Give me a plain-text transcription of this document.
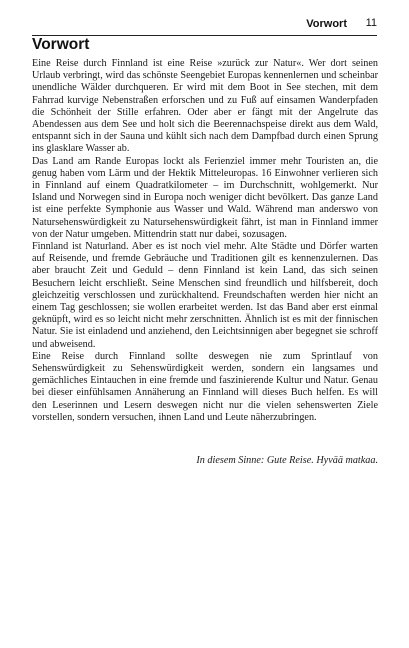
Vorwort 11
Vorwort

Eine Reise durch Finnland ist eine Reise »zurück zur Natur«. Wer dort seinen Urlaub verbringt, wird das schönste Seengebiet Europas kennenlernen und scheinbar unendliche Wälder durchqueren. Er wird mit dem Boot in See stechen, mit dem Fahrrad kurvige Nebenstraßen erforschen und zu Fuß auf einsamen Wanderpfaden die Schönheit der Stille erfahren. Oder aber er fängt mit der Angelrute das Abendessen aus dem See und holt sich die Beerennachspeise direkt aus dem Wald, entspannt sich in der Sauna und kühlt sich nach dem Dampfbad durch einen Sprung ins glasklare Wasser ab.

Das Land am Rande Europas lockt als Ferienziel immer mehr Touristen an, die genug haben vom Lärm und der Hektik Mitteleuropas. 16 Einwohner verlieren sich in Finnland auf einem Quadratkilometer – im Durchschnitt, wohlgemerkt. Nur Island und Norwegen sind in Europa noch weniger dicht bevölkert. Das ganze Land ist eine perfekte Symphonie aus Wasser und Wald. Während man anderswo von Natursehenswürdigkeit zu Natursehenswürdigkeit fährt, ist man in Finnland immer von der Natur umgeben. Mittendrin statt nur dabei, sozusagen.

Finnland ist Naturland. Aber es ist noch viel mehr. Alte Städte und Dörfer warten auf Reisende, und fremde Gebräuche und Traditionen gilt es kennenzulernen. Das aber braucht Zeit und Geduld – denn Finnland ist kein Land, das sich seinen Besuchern leicht erschließt. Seine Menschen sind freundlich und hilfsbereit, doch gleichzeitig verschlossen und zurückhaltend. Freundschaften werden hier nicht an einem Tag geschlossen; sie wollen erarbeitet werden. Ist das Band aber erst einmal geknüpft, wird es so leicht nicht mehr zerschnitten. Ähnlich ist es mit der finnischen Natur. Sie ist einladend und anziehend, den Leichtsinnigen aber begegnet sie schroff und abweisend.

Eine Reise durch Finnland sollte deswegen nie zum Sprintlauf von Sehenswürdigkeit zu Sehenswürdigkeit werden, sondern ein langsames und gemächliches Eintauchen in eine fremde und faszinierende Kultur und Natur. Genau bei dieser einfühlsamen Annäherung an Finnland will dieses Buch helfen. Es will den Leserinnen und Lesern deswegen nicht nur die vielen sehenswerten Ziele vorstellen, sondern versuchen, ihnen Land und Leute näherzubringen.

In diesem Sinne: Gute Reise. Hyvää matkaa.
